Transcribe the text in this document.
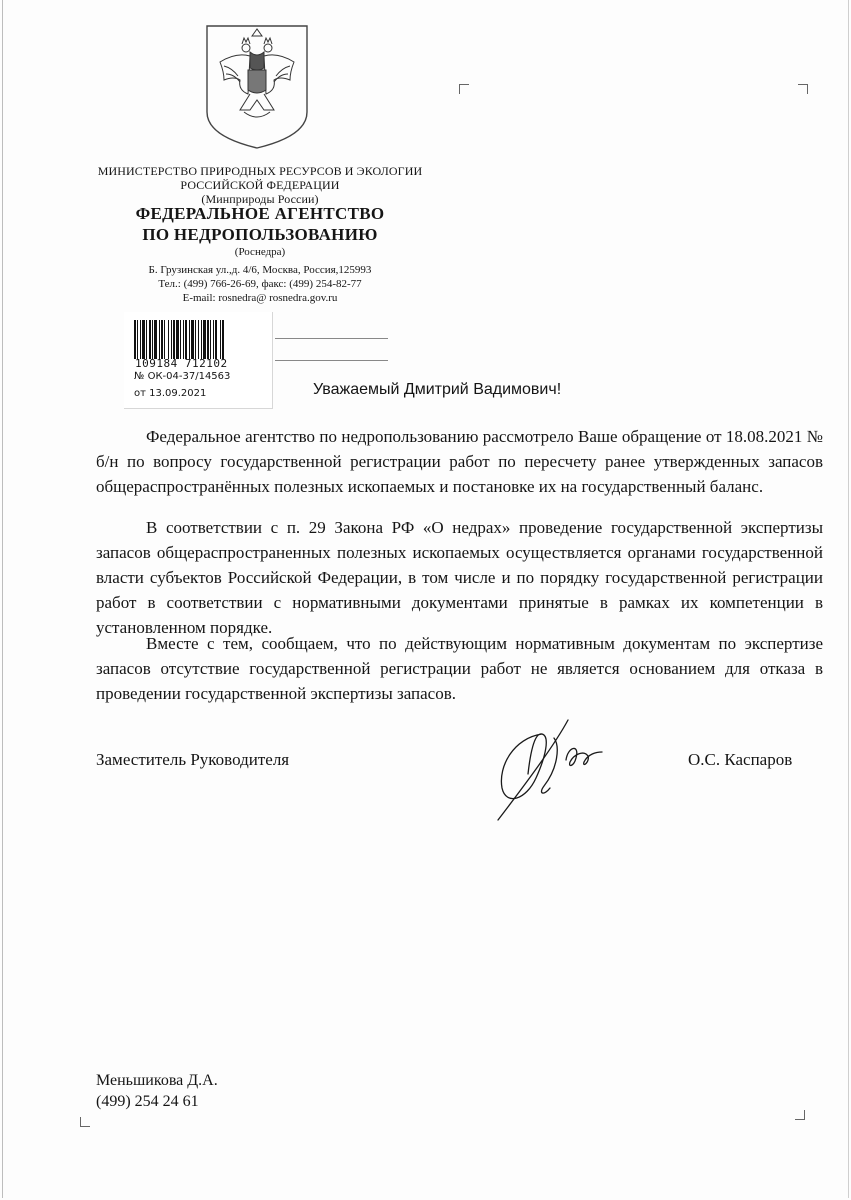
МИНИСТЕРСТВО ПРИРОДНЫХ РЕСУРСОВ И ЭКОЛОГИИ
РОССИЙСКОЙ ФЕДЕРАЦИИ
(Минприроды России)
ФЕДЕРАЛЬНОЕ АГЕНТСТВО
ПО НЕДРОПОЛЬЗОВАНИЮ
(Роснедра)
Б. Грузинская ул.,д. 4/6, Москва, Россия,125993
Тел.: (499) 766-26-69, факс: (499) 254-82-77
E-mail: rosnedra@ rosnedra.gov.ru
109184 712102
№ ОК-04-37/14563
от 13.09.2021	Уважаемый Дмитрий Вадимович!

Федеральное агентство по недропользованию рассмотрело Ваше обращение от 18.08.2021 № б/н по вопросу государственной регистрации работ по пересчету ранее утвержденных запасов общераспространённых полезных ископаемых и постановке их на государственный баланс.

В соответствии с п. 29 Закона РФ «О недрах» проведение государственной экспертизы запасов общераспространенных полезных ископаемых осуществляется органами государственной власти субъектов Российской Федерации, в том числе и по порядку государственной регистрации работ в соответствии с нормативными документами принятые в рамках их компетенции в установленном порядке.

Вместе с тем, сообщаем, что по действующим нормативным документам по экспертизе запасов отсутствие государственной регистрации работ не является основанием для отказа в проведении государственной экспертизы запасов.

Заместитель Руководителя	О.С. Каспаров
Меньшикова Д.А.
(499) 254 24 61
